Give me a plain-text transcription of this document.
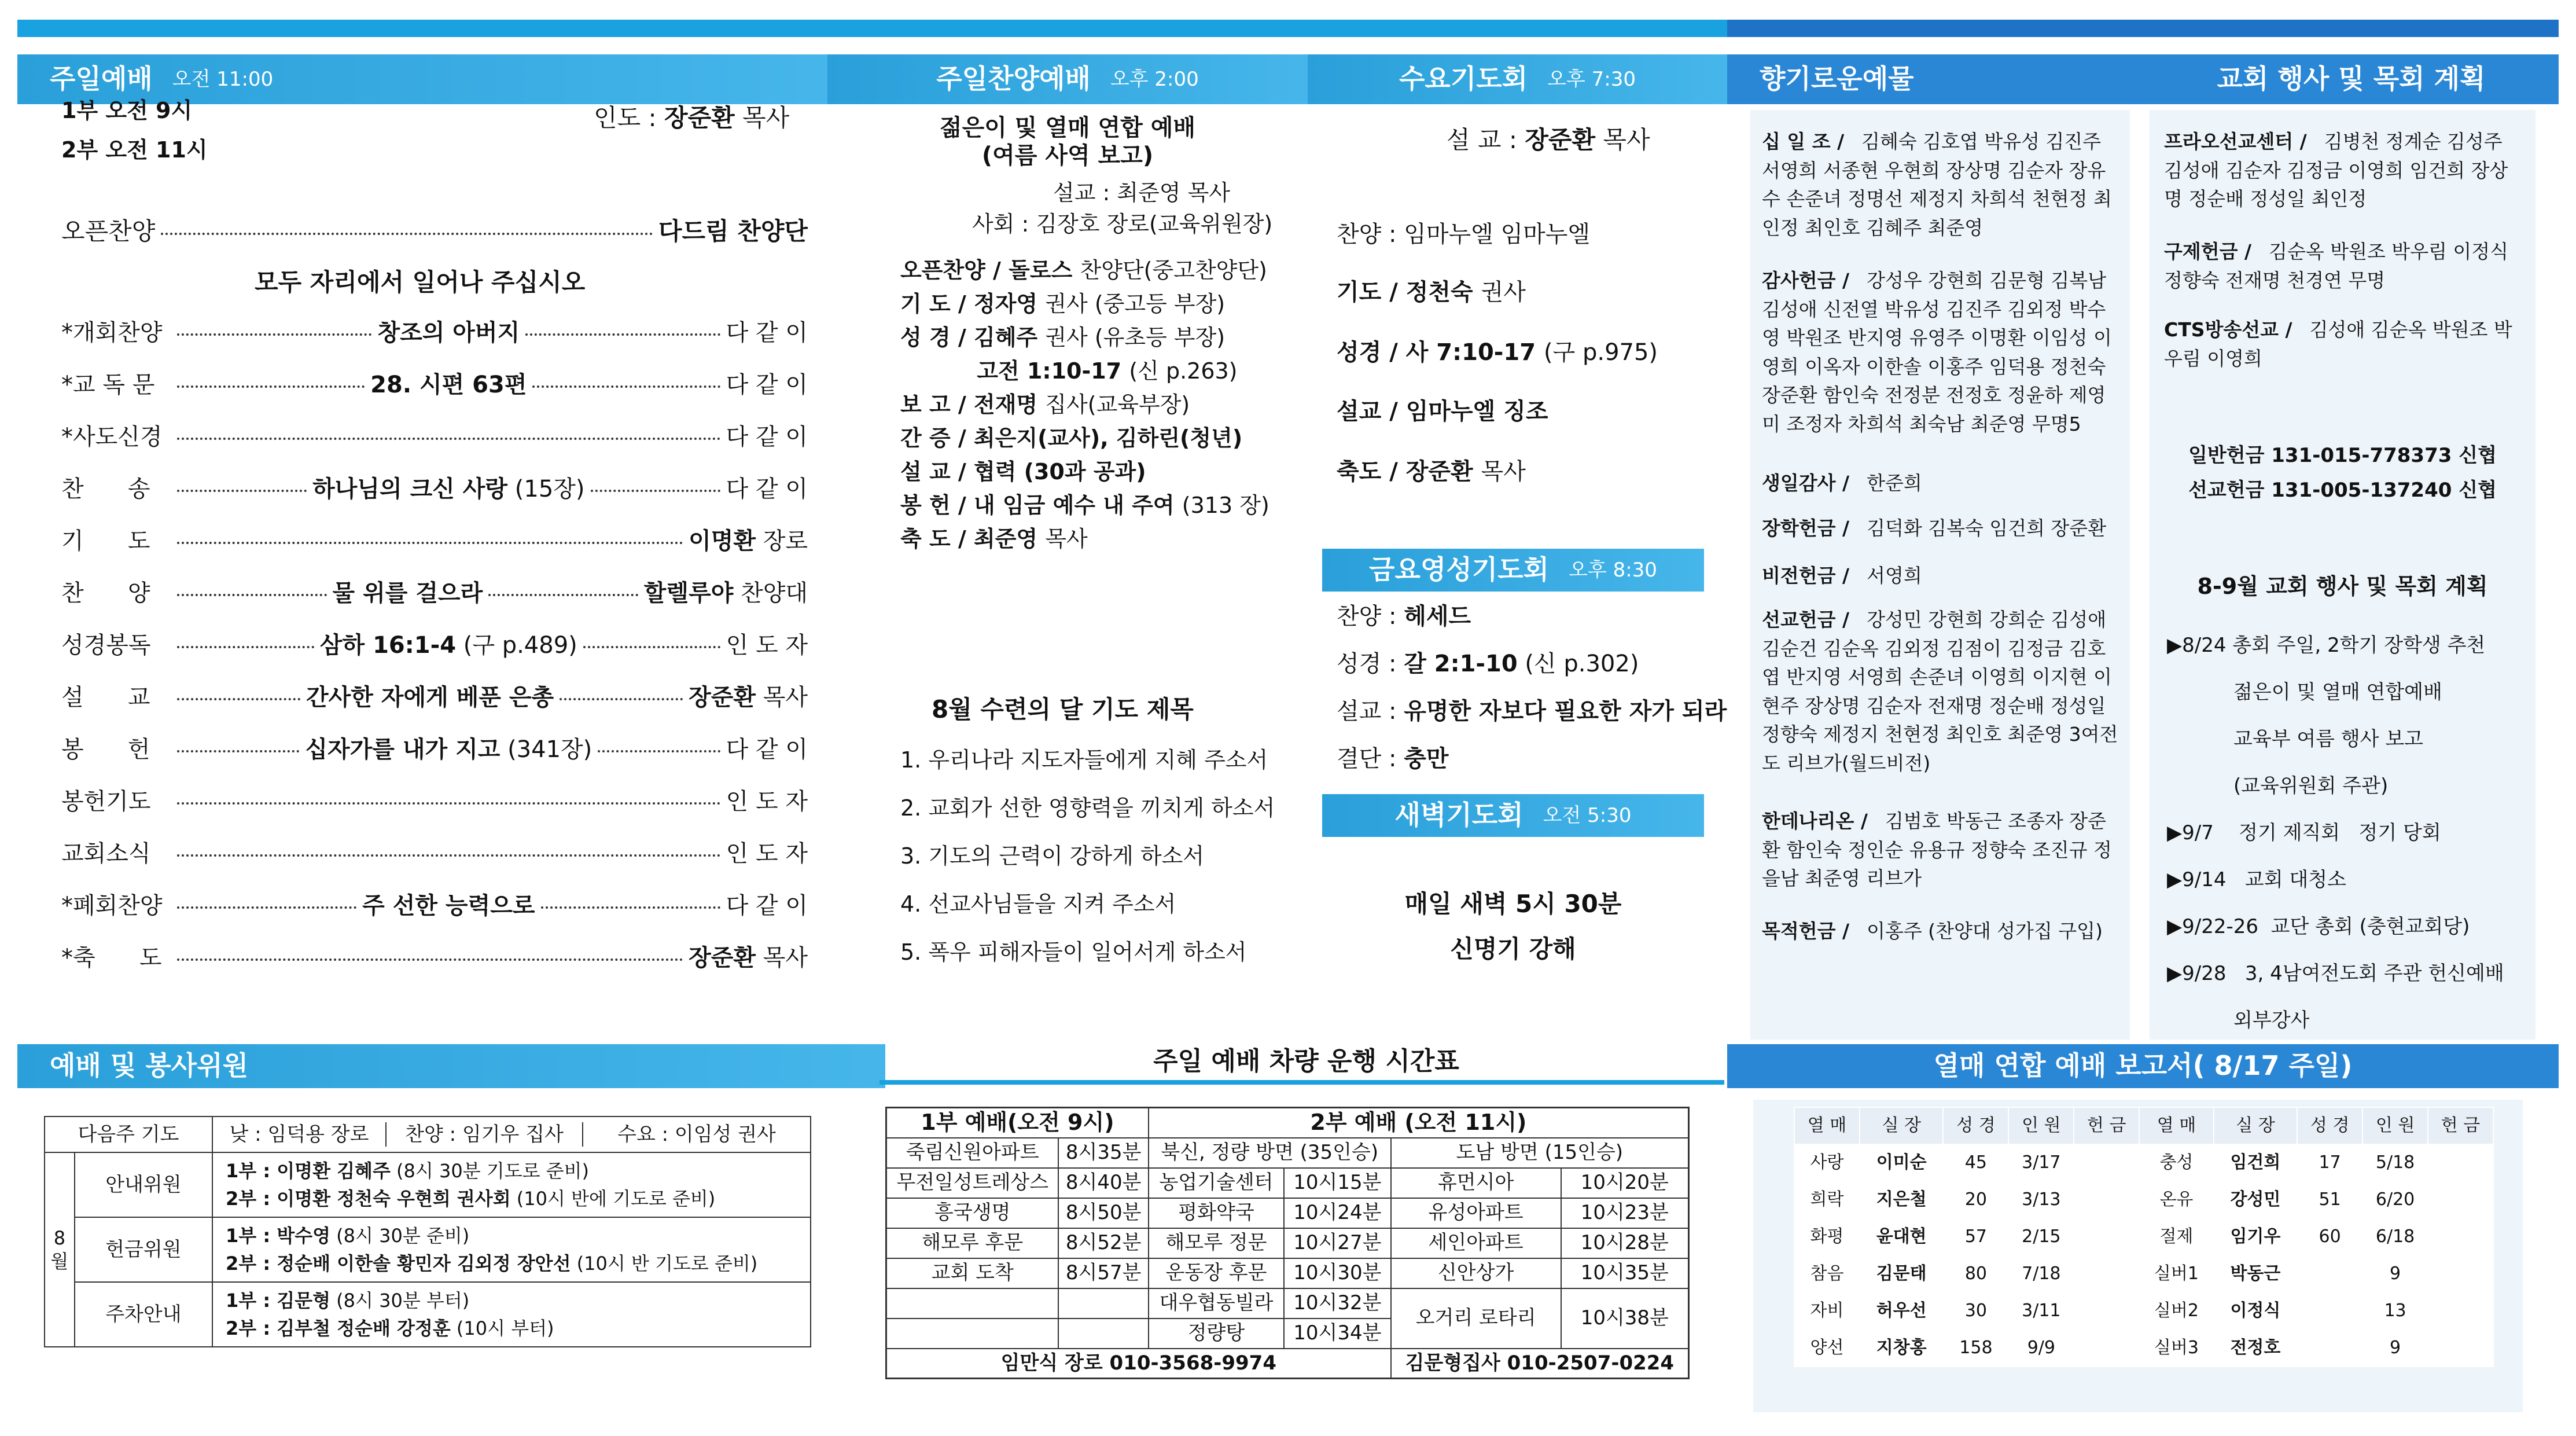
주일예배 오전 11:00
1부 오전 9시
2부 오전 11시
인도 : 장준환 목사
오픈찬양	다드림 찬양단
모두 자리에서 일어나 주십시오
*개회찬양	창조의 아버지	다 같 이
*교 독 문	28. 시편 63편	다 같 이
*사도신경	다 같 이
찬      송	하나님의 크신 사랑 (15장)	다 같 이
기      도	이명환 장로
찬      양	물 위를 걸으라	할렐루야 찬양대
성경봉독	삼하 16:1-4 (구 p.489)	인 도 자
설      교	간사한 자에게 베푼 은총	장준환 목사
봉      헌	십자가를 내가 지고 (341장)	다 같 이
봉헌기도	인 도 자
교회소식	인 도 자
*폐회찬양	주 선한 능력으로	다 같 이
*축      도	장준환 목사
주일찬양예배 오후 2:00
젊은이 및 열매 연합 예배
(여름 사역 보고)
설교 : 최준영 목사
사회 : 김장호 장로(교육위원장)
오픈찬양 / 돌로스 찬양단(중고찬양단)
기 도 / 정자영 권사 (중고등 부장)
성 경 / 김혜주 권사 (유초등 부장)
고전 1:10-17 (신 p.263)
보 고 / 전재명 집사(교육부장)
간 증 / 최은지(교사), 김하린(청년)
설 교 / 협력 (30과 공과)
봉 헌 / 내 임금 예수 내 주여 (313 장)
축 도 / 최준영 목사
8월 수련의 달 기도 제목
1. 우리나라 지도자들에게 지혜 주소서
2. 교회가 선한 영향력을 끼치게 하소서
3. 기도의 근력이 강하게 하소서
4. 선교사님들을 지켜 주소서
5. 폭우 피해자들이 일어서게 하소서
수요기도회 오후 7:30
설 교 : 장준환 목사
찬양 : 임마누엘 임마누엘
기도 / 정천숙 권사
성경 / 사 7:10-17 (구 p.975)
설교 / 임마누엘 징조
축도 / 장준환 목사
금요영성기도회 오후 8:30
찬양 : 헤세드
성경 : 갈 2:1-10 (신 p.302)
설교 : 유명한 자보다 필요한 자가 되라
결단 : 충만
새벽기도회 오전 5:30
매일 새벽 5시 30분
신명기 강해
향기로운예물
십 일 조 / 김혜숙 김호엽 박유성 김진주 서영희 서종현 우현희 장상명 김순자 장유수 손준녀 정명선 제정지 차희석 천현정 최인정 최인호 김혜주 최준영
감사헌금 / 강성우 강현희 김문형 김복남 김성애 신전열 박유성 김진주 김외정 박수영 박원조 반지영 유영주 이명환 이임성 이영희 이옥자 이한솔 이홍주 임덕용 정천숙 장준환 함인숙 전정분 전정호 정윤하 제영미 조정자 차희석 최숙남 최준영 무명5
생일감사 / 한준희
장학헌금 / 김덕화 김복숙 임건희 장준환
비전헌금 / 서영희
선교헌금 / 강성민 강현희 강희순 김성애 김순건 김순옥 김외정 김점이 김정금 김호엽 반지영 서영희 손준녀 이영희 이지현 이현주 장상명 김순자 전재명 정순배 정성일 정향숙 제정지 천현정 최인호 최준영 3여전도 리브가(월드비전)
한데나리온 / 김범호 박동근 조종자 장준환 함인숙 정인순 유용규 정향숙 조진규 정을남 최준영 리브가
목적헌금 / 이홍주 (찬양대 성가집 구입)
교회 행사 및 목회 계획
프라오선교센터 / 김병천 정계순 김성주 김성애 김순자 김정금 이영희 임건희 장상명 정순배 정성일 최인정
구제헌금 / 김순옥 박원조 박우림 이정식 정향숙 전재명 천경연 무명
CTS방송선교 / 김성애 김순옥 박원조 박우림 이영희
일반헌금 131-015-778373 신협
선교헌금 131-005-137240 신협
8-9월 교회 행사 및 목회 계획
▶8/24 총회 주일, 2학기 장학생 추천
젊은이 및 열매 연합예배
교육부 여름 행사 보고
(교육위원회 주관)
▶9/7    정기 제직회   정기 당회
▶9/14   교회 대청소
▶9/22-26  교단 총회 (충현교회당)
▶9/28   3, 4남여전도회 주관 헌신예배
외부강사
예배 및 봉사위원
다음주 기도		낮 : 임덕용 장로 찬양 : 임기우 집사 수요 : 이임성 권사

8 월	안내위원	1부 : 이명환 김혜주 (8시 30분 기도로 준비)
2부 : 이명환 정천숙 우현희 권사회 (10시 반에 기도로 준비)

	헌금위원	1부 : 박수영 (8시 30분 준비)
2부 : 정순배 이한솔 황민자 김외정 장안선 (10시 반 기도로 준비)

	주차안내	1부 : 김문형 (8시 30분 부터)
2부 : 김부철 정순배 강정훈 (10시 부터)
주일 예배 차량 운행 시간표
1부 예배(오전 9시)		2부 예배 (오전 11시)			
죽림신원아파트	8시35분	북신, 정량 방면 (35인승)		도남 방면 (15인승)	
무전일성트레상스	8시40분	농업기술센터	10시15분	휴먼시아	10시20분
흥국생명	8시50분	평화약국	10시24분	유성아파트	10시23분
해모루 후문	8시52분	해모루 정문	10시27분	세인아파트	10시28분
교회 도착	8시57분	운동장 후문	10시30분	신안상가	10시35분
		대우협동빌라	10시32분	오거리 로타리	10시38분
		정량탕	10시34분		
임만식 장로 010-3568-9974				김문형집사 010-2507-0224	
열매 연합 예배 보고서( 8/17 주일)
열 매	실 장	성 경	인 원	헌 금	열 매	실 장	성 경	인 원	헌 금
사랑	이미순	45	3/17		충성	임건희	17	5/18	
희락	지은철	20	3/13		온유	강성민	51	6/20	
화평	윤대현	57	2/15		절제	임기우	60	6/18	
참음	김문태	80	7/18		실버1	박동근		9	
자비	허우선	30	3/11		실버2	이정식		13	
양선	지창홍	158	9/9		실버3	전정호		9	
